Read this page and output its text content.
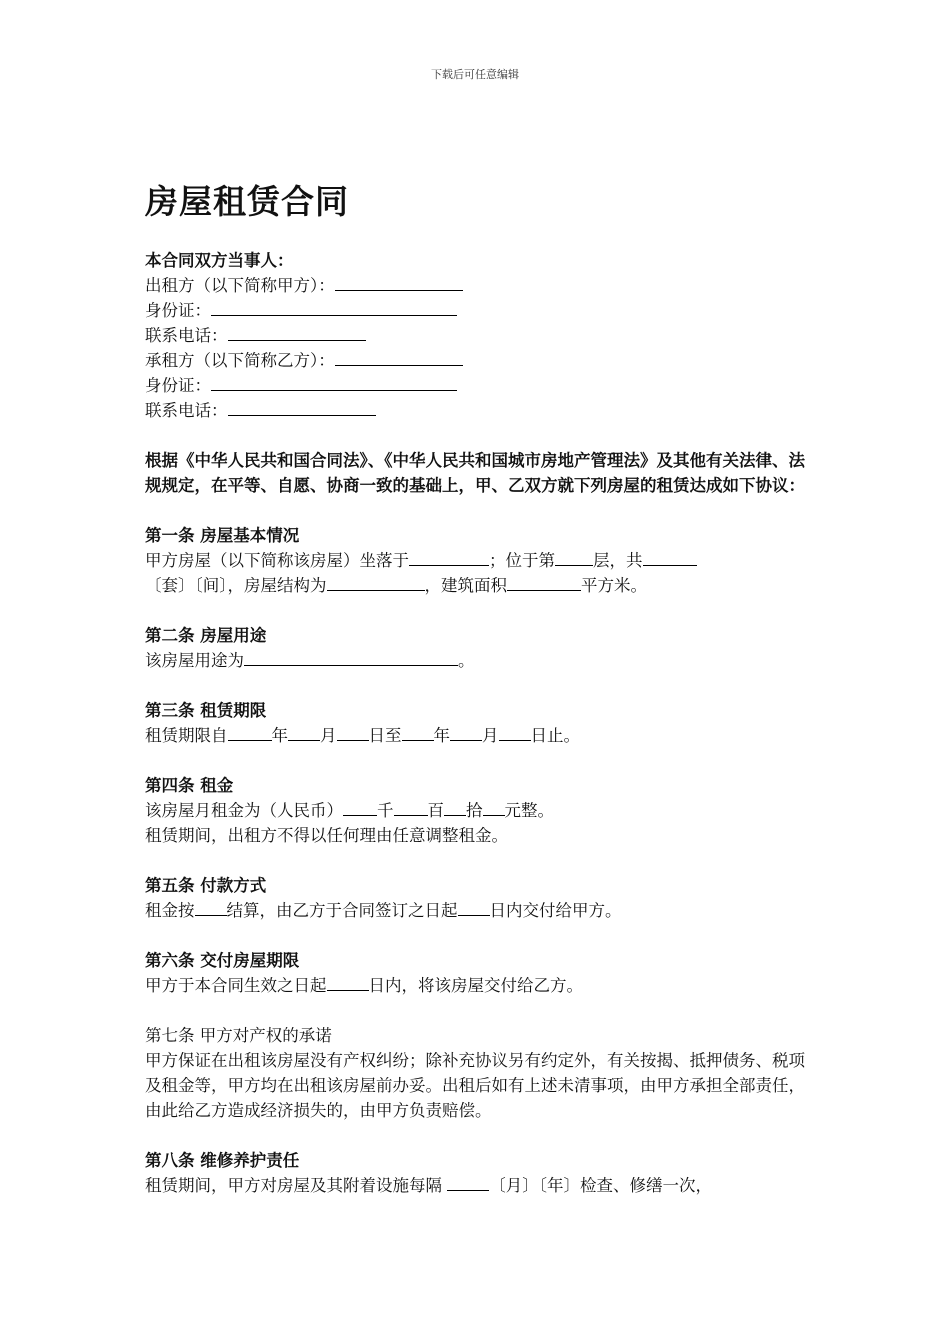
下载后可任意编辑
房屋租赁合同
本合同双方当事人：
出租方（以下简称甲方）：
身份证：
联系电话：
承租方（以下简称乙方）：
身份证：
联系电话：
根据《中华人民共和国合同法》、《中华人民共和国城市房地产管理法》及其他有关法律、法规规定，在平等、自愿、协商一致的基础上，甲、乙双方就下列房屋的租赁达成如下协议：
第一条 房屋基本情况
甲方房屋（以下简称该房屋）坐落于	；位于第 层，共
〔套〕〔间〕，房屋结构为	，建筑面积	平方米。
第二条 房屋用途
该房屋用途为	。
第三条 租赁期限
租赁期限自	年 月 日至 年 月 日止。
第四条 租金
该房屋月租金为（人民币） 千 百 拾 元整。
租赁期间，出租方不得以任何理由任意调整租金。
第五条 付款方式
租金按 结算，由乙方于合同签订之日起 日内交付给甲方。
第六条 交付房屋期限
甲方于本合同生效之日起	日内，将该房屋交付给乙方。
第七条 甲方对产权的承诺
甲方保证在出租该房屋没有产权纠纷；除补充协议另有约定外，有关按揭、抵押债务、税项及租金等，甲方均在出租该房屋前办妥。出租后如有上述未清事项，由甲方承担全部责任，由此给乙方造成经济损失的，由甲方负责赔偿。
第八条 维修养护责任
租赁期间，甲方对房屋及其附着设施每隔	〔月〕〔年〕检查、修缮一次，
